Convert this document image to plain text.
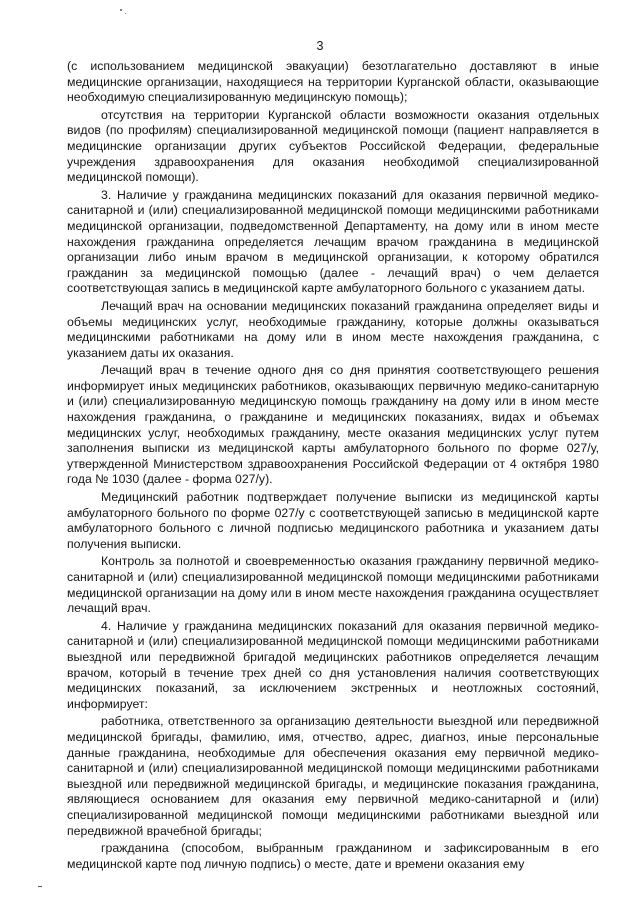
3

(с использованием медицинской эвакуации) безотлагательно доставляют в иные медицинские организации, находящиеся на территории Курганской области, оказывающие необходимую специализированную медицинскую помощь);

отсутствия на территории Курганской области возможности оказания отдельных видов (по профилям) специализированной медицинской помощи (пациент направляется в медицинские организации других субъектов Российской Федерации, федеральные учреждения здравоохранения для оказания необходимой специализированной медицинской помощи).

3. Наличие у гражданина медицинских показаний для оказания первичной медико-санитарной и (или) специализированной медицинской помощи медицинскими работниками медицинской организации, подведомственной Департаменту, на дому или в ином месте нахождения гражданина определяется лечащим врачом гражданина в медицинской организации либо иным врачом в медицинской организации, к которому обратился гражданин за медицинской помощью (далее - лечащий врач) о чем делается соответствующая запись в медицинской карте амбулаторного больного с указанием даты.

Лечащий врач на основании медицинских показаний гражданина определяет виды и объемы медицинских услуг, необходимые гражданину, которые должны оказываться медицинскими работниками на дому или в ином месте нахождения гражданина, с указанием даты их оказания.

Лечащий врач в течение одного дня со дня принятия соответствующего решения информирует иных медицинских работников, оказывающих первичную медико-санитарную и (или) специализированную медицинскую помощь гражданину на дому или в ином месте нахождения гражданина, о гражданине и медицинских показаниях, видах и объемах медицинских услуг, необходимых гражданину, месте оказания медицинских услуг путем заполнения выписки из медицинской карты амбулаторного больного по форме 027/у, утвержденной Министерством здравоохранения Российской Федерации от 4 октября 1980 года № 1030 (далее - форма 027/у).

Медицинский работник подтверждает получение выписки из медицинской карты амбулаторного больного по форме 027/у с соответствующей записью в медицинской карте амбулаторного больного с личной подписью медицинского работника и указанием даты получения выписки.

Контроль за полнотой и своевременностью оказания гражданину первичной медико-санитарной и (или) специализированной медицинской помощи медицинскими работниками медицинской организации на дому или в ином месте нахождения гражданина осуществляет лечащий врач.

4. Наличие у гражданина медицинских показаний для оказания первичной медико-санитарной и (или) специализированной медицинской помощи медицинскими работниками выездной или передвижной бригадой медицинских работников определяется лечащим врачом, который в течение трех дней со дня установления наличия соответствующих медицинских показаний, за исключением экстренных и неотложных состояний, информирует:

работника, ответственного за организацию деятельности выездной или передвижной медицинской бригады, фамилию, имя, отчество, адрес, диагноз, иные персональные данные гражданина, необходимые для обеспечения оказания ему первичной медико-санитарной и (или) специализированной медицинской помощи медицинскими работниками выездной или передвижной медицинской бригады, и медицинские показания гражданина, являющиеся основанием для оказания ему первичной медико-санитарной и (или) специализированной медицинской помощи медицинскими работниками выездной или передвижной врачебной бригады;

гражданина (способом, выбранным гражданином и зафиксированным в его медицинской карте под личную подпись) о месте, дате и времени оказания ему
